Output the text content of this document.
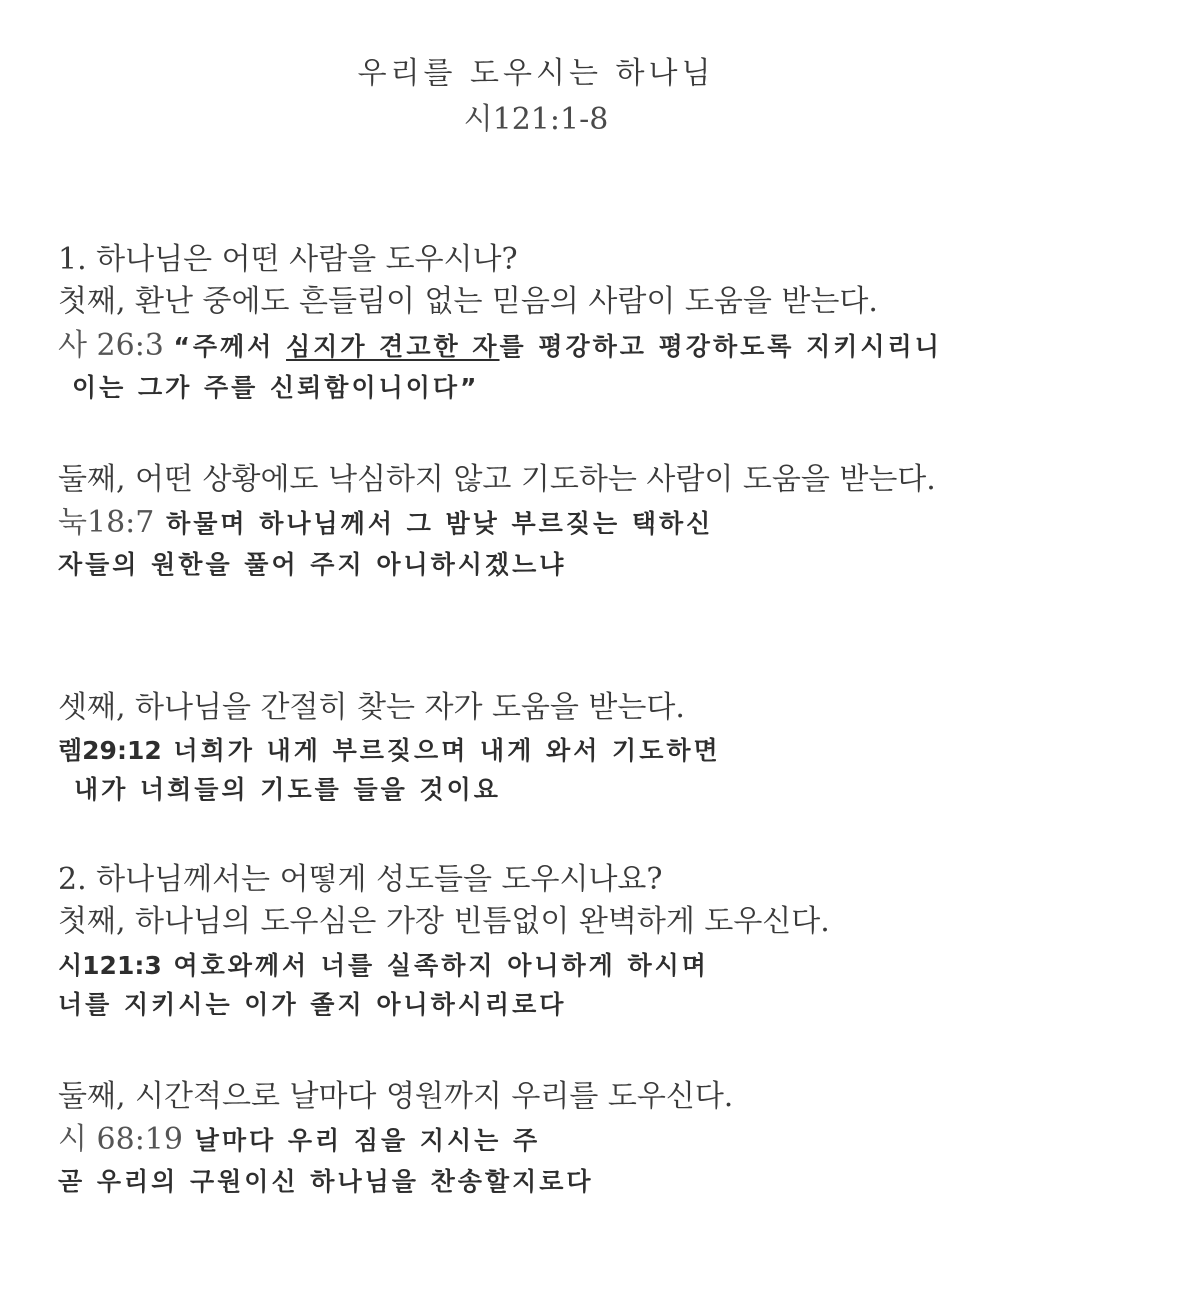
우리를 도우시는 하나님
시121:1-8
1. 하나님은 어떤 사람을 도우시나?
첫째, 환난 중에도 흔들림이 없는 믿음의 사람이 도움을 받는다.
사 26:3 “주께서 심지가 견고한 자를 평강하고 평강하도록 지키시리니
이는 그가 주를 신뢰함이니이다”
둘째, 어떤 상황에도 낙심하지 않고 기도하는 사람이 도움을 받는다.
눅18:7 하물며 하나님께서 그 밤낮 부르짖는 택하신
자들의 원한을 풀어 주지 아니하시겠느냐
셋째, 하나님을 간절히 찾는 자가 도움을 받는다.
렘29:12 너희가 내게 부르짖으며 내게 와서 기도하면
내가 너희들의 기도를 들을 것이요
2. 하나님께서는 어떻게 성도들을 도우시나요?
첫째, 하나님의 도우심은 가장 빈틈없이 완벽하게 도우신다.
시121:3 여호와께서 너를 실족하지 아니하게 하시며
너를 지키시는 이가 졸지 아니하시리로다
둘째, 시간적으로 날마다 영원까지 우리를 도우신다.
시 68:19 날마다 우리 짐을 지시는 주
곧 우리의 구원이신 하나님을 찬송할지로다
